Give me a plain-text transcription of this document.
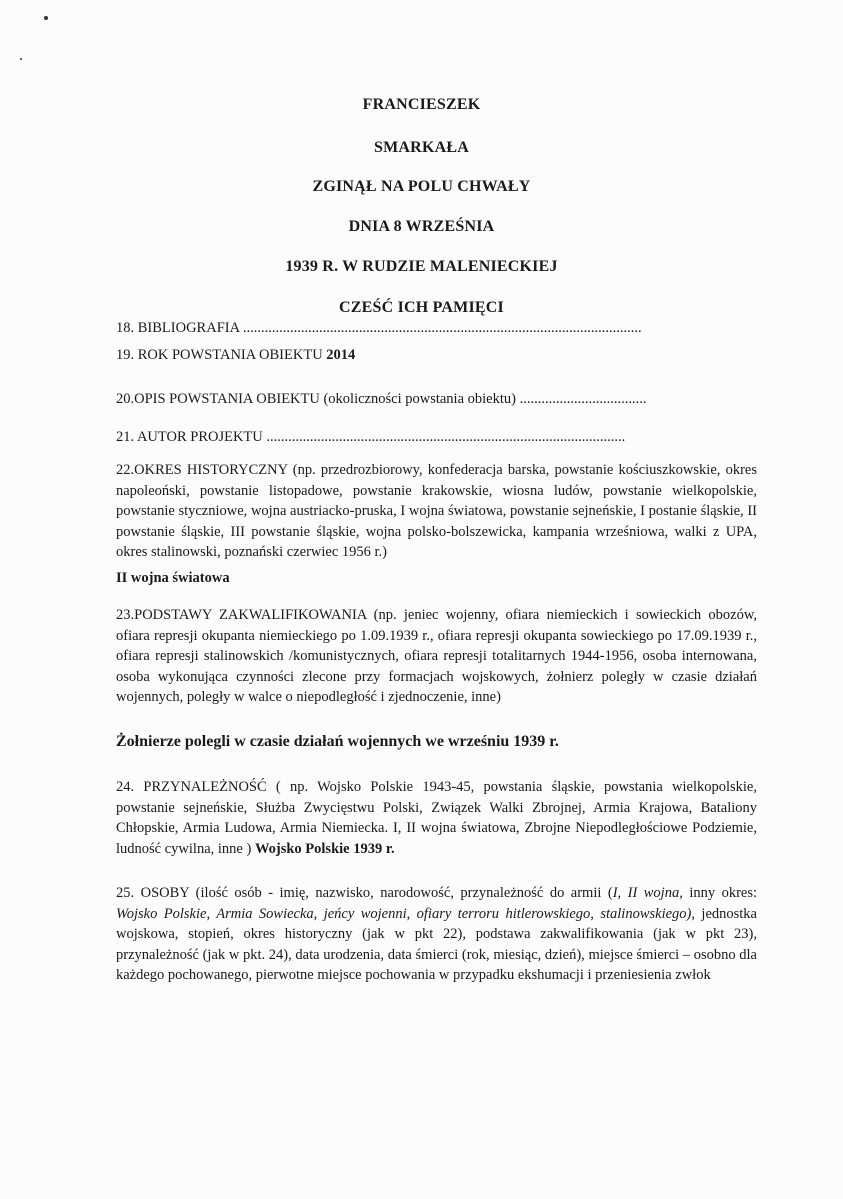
FRANCIESZEK
SMARKAŁA
ZGINĄŁ NA POLU CHWAŁY
DNIA 8 WRZEŚNIA
1939 R. W RUDZIE MALENIECKIEJ
CZEŚĆ ICH PAMIĘCI
18. BIBLIOGRAFIA ..............................................................................................................
19. ROK POWSTANIA OBIEKTU 2014
20.OPIS POWSTANIA OBIEKTU (okoliczności powstania obiektu) ...................................
21. AUTOR PROJEKTU ...................................................................................................
22.OKRES HISTORYCZNY (np. przedrozbiorowy, konfederacja barska, powstanie kościuszkowskie, okres napoleoński, powstanie listopadowe, powstanie krakowskie, wiosna ludów, powstanie wielkopolskie, powstanie styczniowe, wojna austriacko-pruska, I wojna światowa, powstanie sejneńskie, I postanie śląskie, II powstanie śląskie, III powstanie śląskie, wojna polsko-bolszewicka, kampania wrześniowa, walki z UPA, okres stalinowski, poznański czerwiec 1956 r.)
II wojna światowa
23.PODSTAWY ZAKWALIFIKOWANIA (np. jeniec wojenny, ofiara niemieckich i sowieckich obozów, ofiara represji okupanta niemieckiego po 1.09.1939 r., ofiara represji okupanta sowieckiego po 17.09.1939 r., ofiara represji stalinowskich /komunistycznych, ofiara represji totalitarnych 1944-1956, osoba internowana, osoba wykonująca czynności zlecone przy formacjach wojskowych, żołnierz poległy w czasie działań wojennych, poległy w walce o niepodległość i zjednoczenie, inne)
Żołnierze polegli w czasie działań wojennych we wrześniu 1939 r.
24. PRZYNALEŻNOŚĆ ( np. Wojsko Polskie 1943-45, powstania śląskie, powstania wielkopolskie, powstanie sejneńskie, Służba Zwycięstwu Polski, Związek Walki Zbrojnej, Armia Krajowa, Bataliony Chłopskie, Armia Ludowa, Armia Niemiecka. I, II wojna światowa, Zbrojne Niepodległościowe Podziemie, ludność cywilna, inne ) Wojsko Polskie 1939 r.
25. OSOBY (ilość osób - imię, nazwisko, narodowość, przynależność do armii (I, II wojna, inny okres: Wojsko Polskie, Armia Sowiecka, jeńcy wojenni, ofiary terroru hitlerowskiego, stalinowskiego), jednostka wojskowa, stopień, okres historyczny (jak w pkt 22), podstawa zakwalifikowania (jak w pkt 23), przynależność (jak w pkt. 24), data urodzenia, data śmierci (rok, miesiąc, dzień), miejsce śmierci – osobno dla każdego pochowanego, pierwotne miejsce pochowania w przypadku ekshumacji i przeniesienia zwłok
